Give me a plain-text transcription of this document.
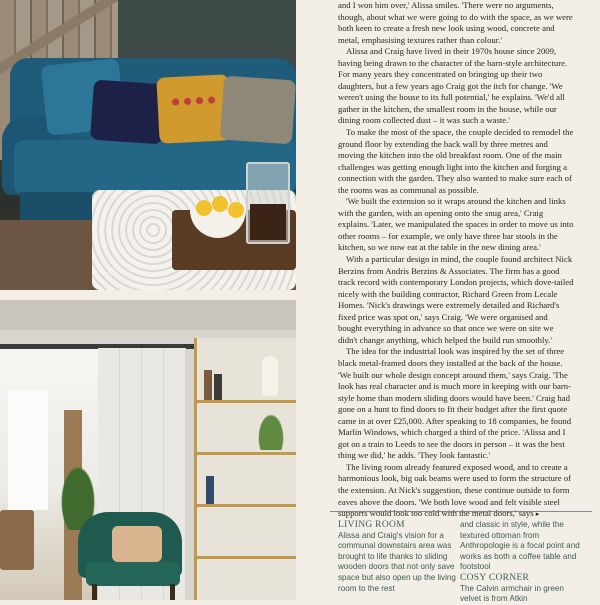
and I won him over,' Alissa smiles. 'There were no arguments, though, about what we were going to do with the space, as we were both keen to create a fresh new look using wood, concrete and metal, emphasising textures rather than colour.'

Alissa and Craig have lived in their 1970s house since 2009, having being drawn to the character of the barn-style architecture. For many years they concentrated on bringing up their two daughters, but a few years ago Craig got the itch for change. 'We weren't using the house to its full potential,' he explains. 'We'd all gather in the kitchen, the smallest room in the house, while our dining room collected dust – it was such a waste.'

To make the most of the space, the couple decided to remodel the ground floor by extending the back wall by three metres and moving the kitchen into the old breakfast room. One of the main challenges was getting enough light into the kitchen and forging a connection with the garden. They also wanted to make sure each of the rooms was as communal as possible.

'We built the extension so it wraps around the kitchen and links with the garden, with an opening onto the snug area,' Craig explains. 'Later, we manipulated the spaces in order to move us into other rooms – for example, we only have three bar stools in the kitchen, so we now eat at the table in the new dining area.'

With a particular design in mind, the couple found architect Nick Berzins from Andris Berzins & Associates. The firm has a good track record with contemporary London projects, which dove-tailed nicely with the building contractor, Richard Green from Lecale Homes. 'Nick's drawings were extremely detailed and Richard's fixed price was spot on,' says Craig. 'We were organised and bought everything in advance so that once we were on site we didn't change anything, which helped the build run smoothly.'

The idea for the industrial look was inspired by the set of three black metal-framed doors they installed at the back of the house. 'We built our whole design concept around them,' says Craig. 'The look has real character and is much more in keeping with our barn-style home than modern sliding doors would have been.' Craig had gone on a hunt to find doors to fit their budget after the first quote came in at over £25,000. After speaking to 18 companies, he found Marlin Windows, which charged a third of the price. 'Alissa and I got on a train to Leeds to see the doors in person – it was the best thing we did,' he adds. 'They look fantastic.'

The living room already featured exposed wood, and to create a harmonious look, big oak beams were used to form the structure of the extension. At Nick's suggestion, these continue outside to form eaves above the doors. 'We both love wood and felt visible steel supports would look too cold with the metal doors,' says ▸

LIVING ROOM
Alissa and Craig's vision for a communal downstairs area was brought to life thanks to sliding wooden doors that not only save space but also open up the living room to the rest
and classic in style, while the textured ottoman from Anthropologie is a focal point and works as both a coffee table and footstool
COSY CORNER
The Calvin armchair in green velvet is from Atkin
